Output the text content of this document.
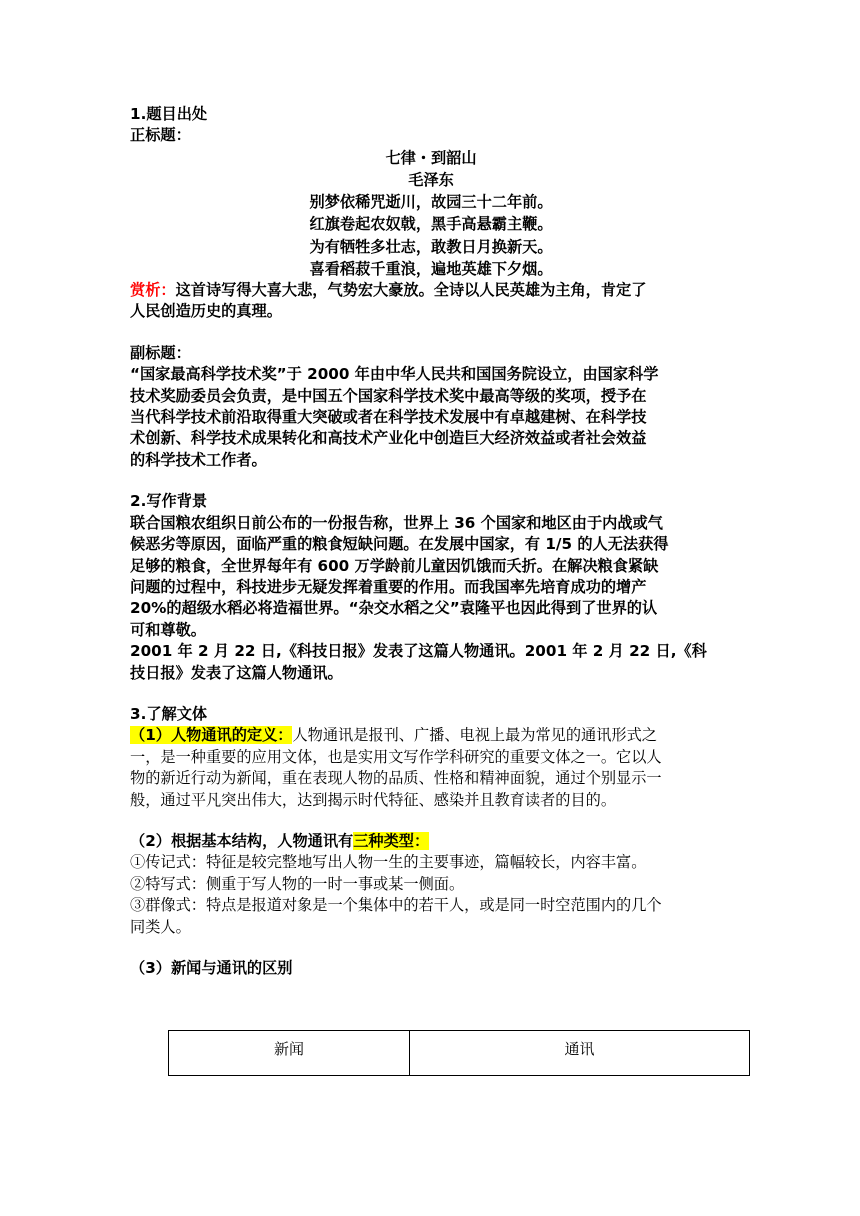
1.题目出处
正标题：
七律・到韶山
毛泽东
别梦依稀咒逝川，故园三十二年前。
红旗卷起农奴戟，黑手高悬霸主鞭。
为有牺牲多壮志，敢教日月换新天。
喜看稻菽千重浪，遍地英雄下夕烟。
赏析：这首诗写得大喜大悲，气势宏大豪放。全诗以人民英雄为主角，肯定了
人民创造历史的真理。
副标题：
“国家最高科学技术奖”于 2000 年由中华人民共和国国务院设立，由国家科学
技术奖励委员会负责，是中国五个国家科学技术奖中最高等级的奖项，授予在
当代科学技术前沿取得重大突破或者在科学技术发展中有卓越建树、在科学技
术创新、科学技术成果转化和高技术产业化中创造巨大经济效益或者社会效益
的科学技术工作者。
2.写作背景
联合国粮农组织日前公布的一份报告称，世界上 36 个国家和地区由于内战或气
候恶劣等原因，面临严重的粮食短缺问题。在发展中国家，有 1/5 的人无法获得
足够的粮食，全世界每年有 600 万学龄前儿童因饥饿而夭折。在解决粮食紧缺
问题的过程中，科技进步无疑发挥着重要的作用。而我国率先培育成功的增产
20%的超级水稻必将造福世界。“杂交水稻之父”袁隆平也因此得到了世界的认
可和尊敬。
2001 年 2 月 22 日,《科技日报》发表了这篇人物通讯。2001 年 2 月 22 日,《科
技日报》发表了这篇人物通讯。
3.了解文体
（1）人物通讯的定义：人物通讯是报刊、广播、电视上最为常见的通讯形式之
一，是一种重要的应用文体，也是实用文写作学科研究的重要文体之一。它以人
物的新近行动为新闻，重在表现人物的品质、性格和精神面貌，通过个别显示一
般，通过平凡突出伟大，达到揭示时代特征、感染并且教育读者的目的。
（2）根据基本结构，人物通讯有三种类型：
①传记式：特征是较完整地写出人物一生的主要事迹，篇幅较长，内容丰富。
②特写式：侧重于写人物的一时一事或某一侧面。
③群像式：特点是报道对象是一个集体中的若干人，或是同一时空范围内的几个
同类人。
（3）新闻与通讯的区别
新闻	通讯
